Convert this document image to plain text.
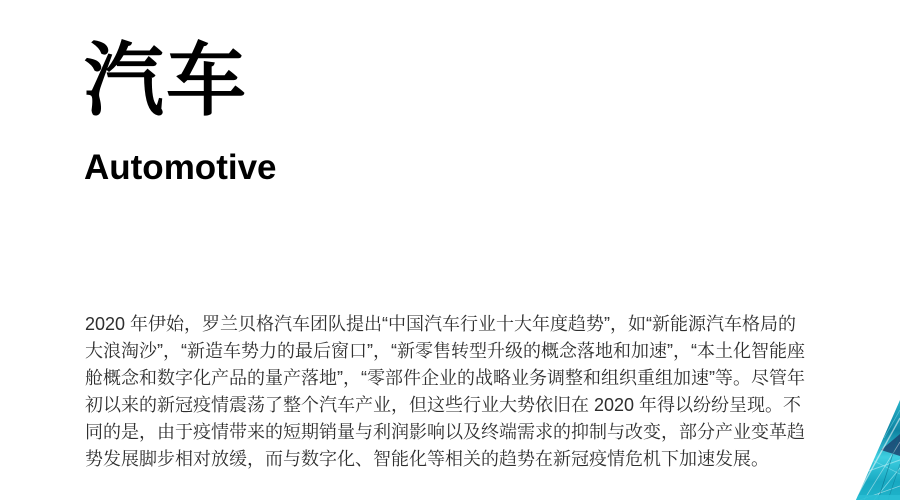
汽车
Automotive

2020 年伊始，罗兰贝格汽车团队提出“中国汽车行业十大年度趋势”，如“新能源汽车格局的大浪淘沙”，“新造车势力的最后窗口”，“新零售转型升级的概念落地和加速”，“本土化智能座舱概念和数字化产品的量产落地”，“零部件企业的战略业务调整和组织重组加速”等。尽管年初以来的新冠疫情震荡了整个汽车产业，但这些行业大势依旧在 2020 年得以纷纷呈现。不同的是，由于疫情带来的短期销量与利润影响以及终端需求的抑制与改变，部分产业变革趋势发展脚步相对放缓，而与数字化、智能化等相关的趋势在新冠疫情危机下加速发展。
